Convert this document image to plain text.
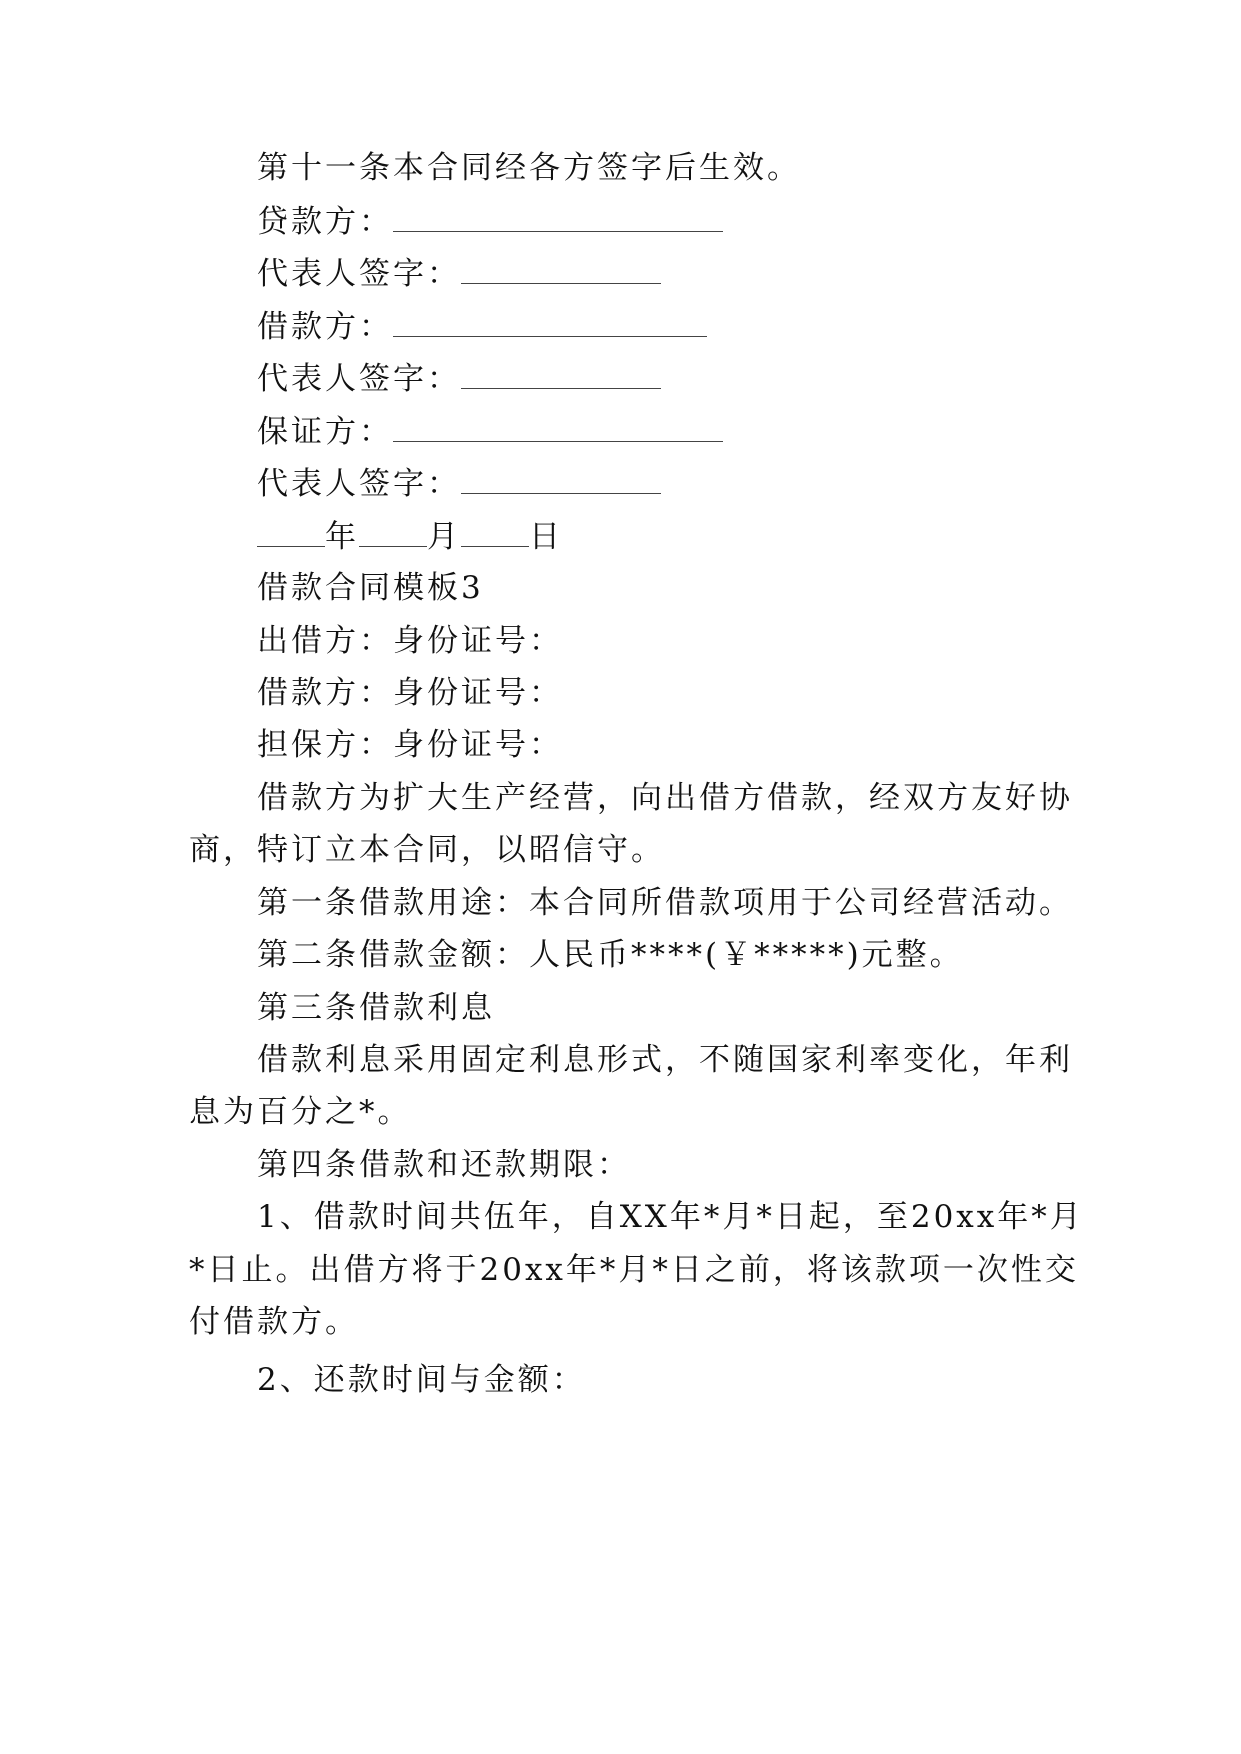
第十一条本合同经各方签字后生效。
贷款方：
代表人签字：
借款方：
代表人签字：
保证方：
代表人签字：
年 月 日
借款合同模板3
出借方：身份证号：
借款方：身份证号：
担保方：身份证号：
借款方为扩大生产经营，向出借方借款，经双方友好协
商，特订立本合同，以昭信守。
第一条借款用途：本合同所借款项用于公司经营活动。
第二条借款金额：人民币****(￥*****)元整。
第三条借款利息
借款利息采用固定利息形式，不随国家利率变化，年利
息为百分之*。
第四条借款和还款期限：
1、借款时间共伍年，自XX年*月*日起，至20xx年*月
*日止。出借方将于20xx年*月*日之前，将该款项一次性交
付借款方。
2、还款时间与金额：
